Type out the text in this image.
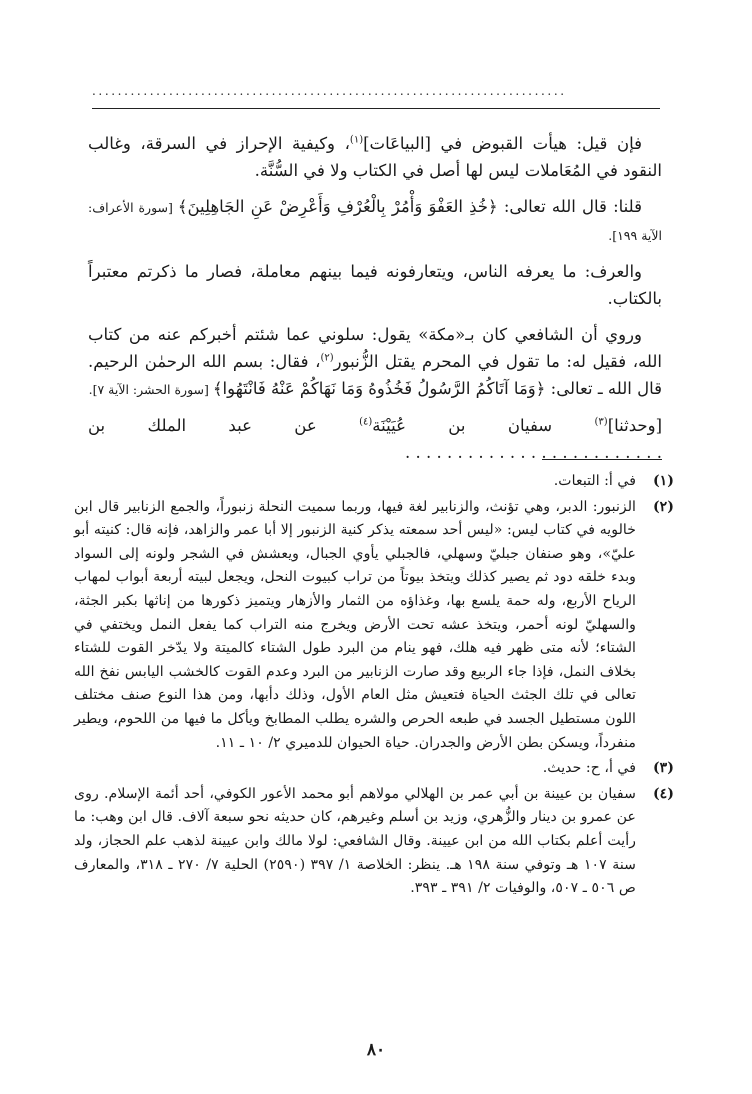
..........................................................................

فإن قيل: هيأت القبوض في [البياعَات]$^{(١)}$، وكيفية الإحراز في السرقة، وغالب النقود في المُعَاملات ليس لها أصل في الكتاب ولا في السُّنَّة.

قلنا: قال الله تعالى: ﴿خُذِ العَفْوَ وَأْمُرْ بِالْعُرْفِ وَأَعْرِضْ عَنِ الجَاهِلِينَ﴾ [سورة الأعراف: الآية ١٩٩].

والعرف: ما يعرفه الناس، ويتعارفونه فيما بينهم معاملة، فصار ما ذكرتم معتبراً بالكتاب.

وروي أن الشافعي كان بـ«مكة» يقول: سلوني عما شئتم أخبركم عنه من كتاب الله، فقيل له: ما تقول في المحرم يقتل الزُّنبور$^{(٢)}$، فقال: بسم الله الرحمٰن الرحيم. قال الله ـ تعالى: ﴿وَمَا آتَاكُمُ الرَّسُولُ فَخُذُوهُ وَمَا نَهَاكُمْ عَنْهُ فَانْتَهُوا﴾ [سورة الحشر: الآية ٧].

[وحدثنا]$^{(٣)}$ سفيان بن عُيَيْنَة$^{(٤)}$ عن عبد الملك بن . . . . . . . . . . . . . . . . . . . . . . . . .

(١)
في أ: التبعات.
(٢)
الزنبور: الدبر، وهي تؤنث، والزنابير لغة فيها، وربما سميت النحلة زنبوراً، والجمع الزنابير قال ابن خالويه في كتاب ليس: «ليس أحد سمعته يذكر كنية الزنبور إلا أبا عمر والزاهد، فإنه قال: كنيته أبو عليّ»، وهو صنفان جبليّ وسهلي، فالجبلي يأوي الجبال، ويعشش في الشجر ولونه إلى السواد وبدء خلقه دود ثم يصير كذلك ويتخذ بيوتاً من تراب كبيوت النحل، ويجعل لبيته أربعة أبواب لمهاب الرياح الأربع، وله حمة يلسع بها، وغذاؤه من الثمار والأزهار ويتميز ذكورها من إناثها بكبر الجثة، والسهليّ لونه أحمر، ويتخذ عشه تحت الأرض ويخرج منه التراب كما يفعل النمل ويختفي في الشتاء؛ لأنه متى ظهر فيه هلك، فهو ينام من البرد طول الشتاء كالميتة ولا يدّخر القوت للشتاء بخلاف النمل، فإذا جاء الربيع وقد صارت الزنابير من البرد وعدم القوت كالخشب اليابس نفخ الله تعالى في تلك الجثث الحياة فتعيش مثل العام الأول، وذلك دأبها، ومن هذا النوع صنف مختلف اللون مستطيل الجسد في طبعه الحرص والشره يطلب المطابخ ويأكل ما فيها من اللحوم، ويطير منفرداً، ويسكن بطن الأرض والجدران. حياة الحيوان للدميري ٢/ ١٠ ـ ١١.
(٣)
في أ، ح: حديث.
(٤)
سفيان بن عيينة بن أبي عمر بن الهلالي مولاهم أبو محمد الأعور الكوفي، أحد أئمة الإسلام. روى عن عمرو بن دينار والزُّهري، وزيد بن أسلم وغيرهم، كان حديثه نحو سبعة آلاف. قال ابن وهب: ما رأيت أعلم بكتاب الله من ابن عيينة. وقال الشافعي: لولا مالك وابن عيينة لذهب علم الحجاز، ولد سنة ١٠٧ هـ وتوفي سنة ١٩٨ هـ. ينظر: الخلاصة ١/ ٣٩٧ (٢٥٩٠) الحلية ٧/ ٢٧٠ ـ ٣١٨، والمعارف ص ٥٠٦ ـ ٥٠٧، والوفيات ٢/ ٣٩١ ـ ٣٩٣.
٨٠
